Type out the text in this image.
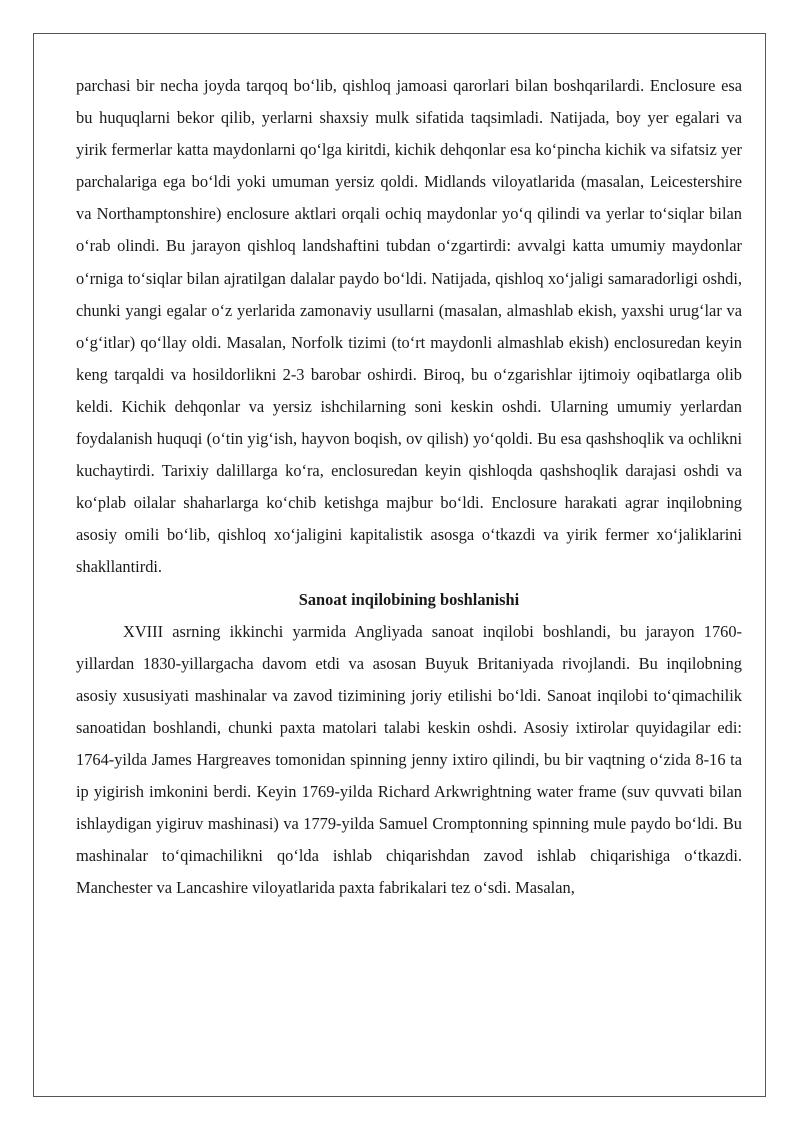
parchasi bir necha joyda tarqoq bo‘lib, qishloq jamoasi qarorlari bilan boshqarilardi. Enclosure esa bu huquqlarni bekor qilib, yerlarni shaxsiy mulk sifatida taqsimladi. Natijada, boy yer egalari va yirik fermerlar katta maydonlarni qo‘lga kiritdi, kichik dehqonlar esa ko‘pincha kichik va sifatsiz yer parchalariga ega bo‘ldi yoki umuman yersiz qoldi. Midlands viloyatlarida (masalan, Leicestershire va Northamptonshire) enclosure aktlari orqali ochiq maydonlar yo‘q qilindi va yerlar to‘siqlar bilan o‘rab olindi. Bu jarayon qishloq landshaftini tubdan o‘zgartirdi: avvalgi katta umumiy maydonlar o‘rniga to‘siqlar bilan ajratilgan dalalar paydo bo‘ldi. Natijada, qishloq xo‘jaligi samaradorligi oshdi, chunki yangi egalar o‘z yerlarida zamonaviy usullarni (masalan, almashlab ekish, yaxshi urug‘lar va o‘g‘itlar) qo‘llay oldi. Masalan, Norfolk tizimi (to‘rt maydonli almashlab ekish) enclosuredan keyin keng tarqaldi va hosildorlikni 2-3 barobar oshirdi. Biroq, bu o‘zgarishlar ijtimoiy oqibatlarga olib keldi. Kichik dehqonlar va yersiz ishchilarning soni keskin oshdi. Ularning umumiy yerlardan foydalanish huquqi (o‘tin yig‘ish, hayvon boqish, ov qilish) yo‘qoldi. Bu esa qashshoqlik va ochlikni kuchaytirdi. Tarixiy dalillarga ko‘ra, enclosuredan keyin qishloqda qashshoqlik darajasi oshdi va ko‘plab oilalar shaharlarga ko‘chib ketishga majbur bo‘ldi. Enclosure harakati agrar inqilobning asosiy omili bo‘lib, qishloq xo‘jaligini kapitalistik asosga o‘tkazdi va yirik fermer xo‘jaliklarini shakllantirdi.

Sanoat inqilobining boshlanishi

XVIII asrning ikkinchi yarmida Angliyada sanoat inqilobi boshlandi, bu jarayon 1760-yillardan 1830-yillargacha davom etdi va asosan Buyuk Britaniyada rivojlandi. Bu inqilobning asosiy xususiyati mashinalar va zavod tizimining joriy etilishi bo‘ldi. Sanoat inqilobi to‘qimachilik sanoatidan boshlandi, chunki paxta matolari talabi keskin oshdi. Asosiy ixtirolar quyidagilar edi: 1764-yilda James Hargreaves tomonidan spinning jenny ixtiro qilindi, bu bir vaqtning o‘zida 8-16 ta ip yigirish imkonini berdi. Keyin 1769-yilda Richard Arkwrightning water frame (suv quvvati bilan ishlaydigan yigiruv mashinasi) va 1779-yilda Samuel Cromptonning spinning mule paydo bo‘ldi. Bu mashinalar to‘qimachilikni qo‘lda ishlab chiqarishdan zavod ishlab chiqarishiga o‘tkazdi. Manchester va Lancashire viloyatlarida paxta fabrikalari tez o‘sdi. Masalan,
